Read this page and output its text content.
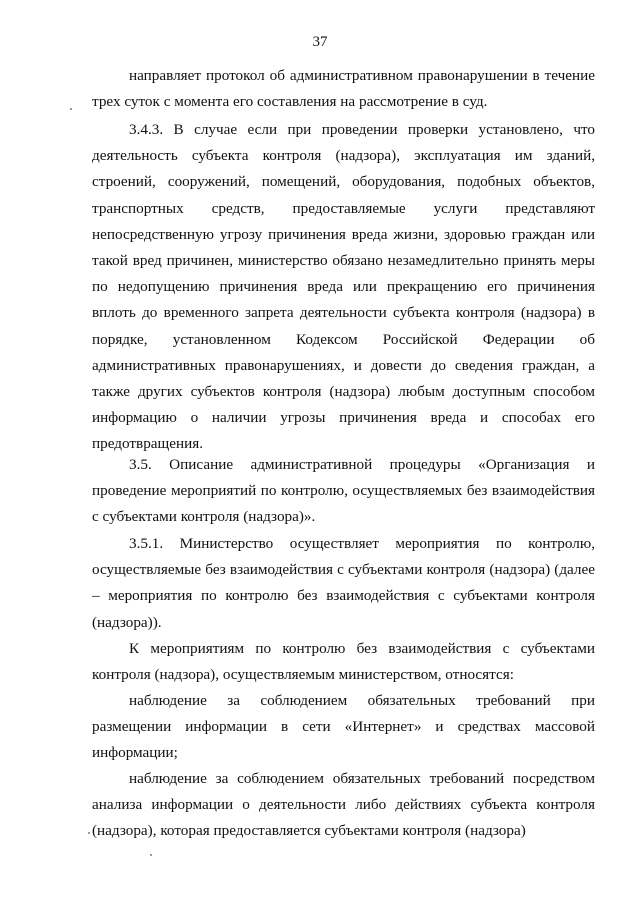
37

направляет протокол об административном правонарушении в течение трех суток с момента его составления на рассмотрение в суд.

3.4.3. В случае если при проведении проверки установлено, что деятельность субъекта контроля (надзора), эксплуатация им зданий, строений, сооружений, помещений, оборудования, подобных объектов, транспортных средств, предоставляемые услуги представляют непосредственную угрозу причинения вреда жизни, здоровью граждан или такой вред причинен, министерство обязано незамедлительно принять меры по недопущению причинения вреда или прекращению его причинения вплоть до временного запрета деятельности субъекта контроля (надзора) в порядке, установленном Кодексом Российской Федерации об административных правонарушениях, и довести до сведения граждан, а также других субъектов контроля (надзора) любым доступным способом информацию о наличии угрозы причинения вреда и способах его предотвращения.

3.5. Описание административной процедуры «Организация и проведение мероприятий по контролю, осуществляемых без взаимодействия с субъектами контроля (надзора)».

3.5.1. Министерство осуществляет мероприятия по контролю, осуществляемые без взаимодействия с субъектами контроля (надзора) (далее – мероприятия по контролю без взаимодействия с субъектами контроля (надзора)).

К мероприятиям по контролю без взаимодействия с субъектами контроля (надзора), осуществляемым министерством, относятся:

наблюдение за соблюдением обязательных требований при размещении информации в сети «Интернет» и средствах массовой информации;

наблюдение за соблюдением обязательных требований посредством анализа информации о деятельности либо действиях субъекта контроля (надзора), которая предоставляется субъектами контроля (надзора)
